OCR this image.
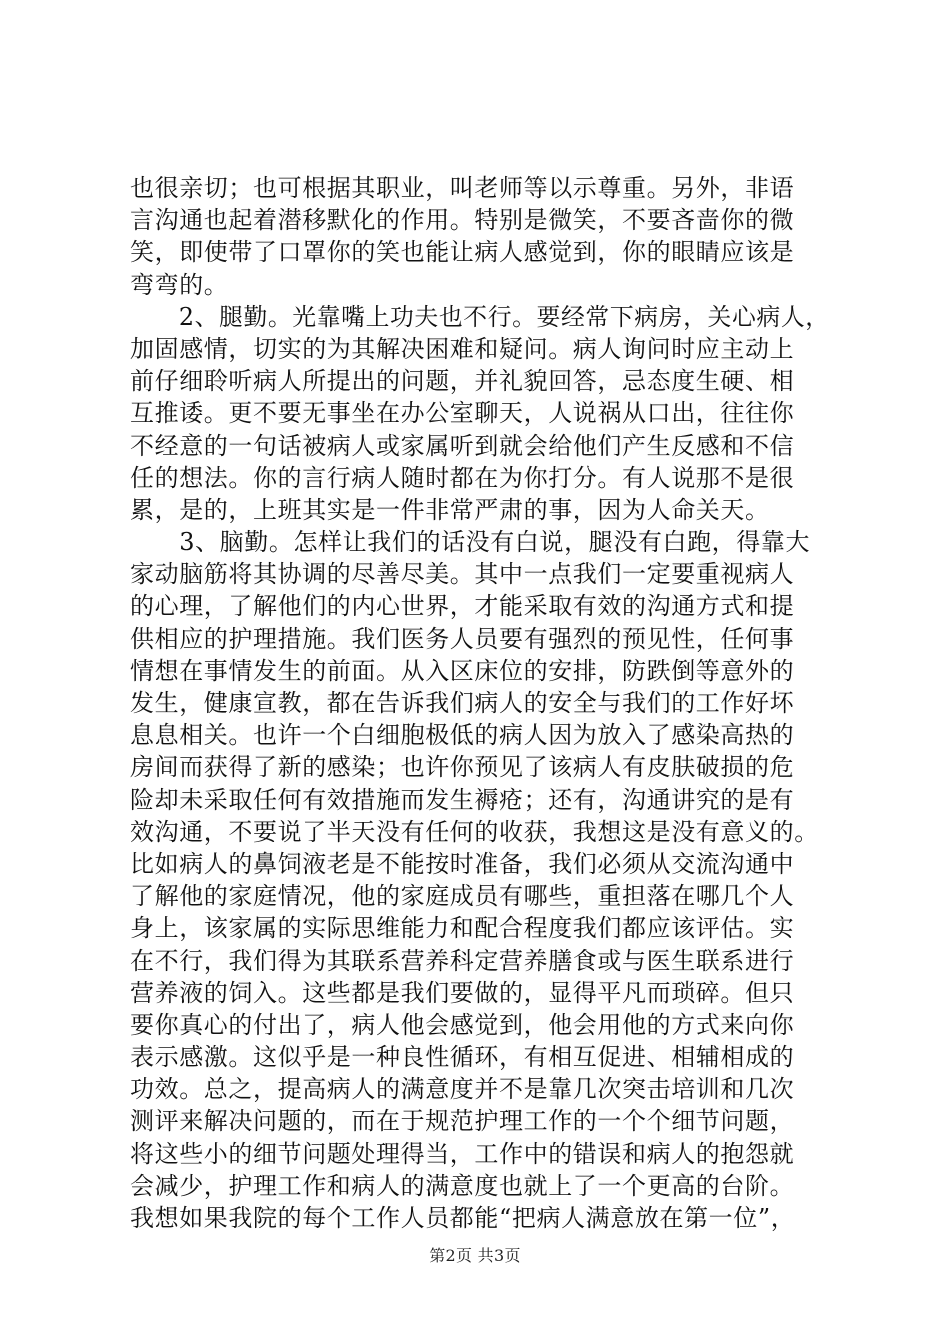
也很亲切；也可根据其职业，叫老师等以示尊重。另外，非语
言沟通也起着潜移默化的作用。特别是微笑，不要吝啬你的微
笑，即使带了口罩你的笑也能让病人感觉到，你的眼睛应该是
弯弯的。
　　2、腿勤。光靠嘴上功夫也不行。要经常下病房，关心病人，
加固感情，切实的为其解决困难和疑问。病人询问时应主动上
前仔细聆听病人所提出的问题，并礼貌回答，忌态度生硬、相
互推诿。更不要无事坐在办公室聊天，人说祸从口出，往往你
不经意的一句话被病人或家属听到就会给他们产生反感和不信
任的想法。你的言行病人随时都在为你打分。有人说那不是很
累，是的，上班其实是一件非常严肃的事，因为人命关天。
　　3、脑勤。怎样让我们的话没有白说，腿没有白跑，得靠大
家动脑筋将其协调的尽善尽美。其中一点我们一定要重视病人
的心理，了解他们的内心世界，才能采取有效的沟通方式和提
供相应的护理措施。我们医务人员要有强烈的预见性，任何事
情想在事情发生的前面。从入区床位的安排，防跌倒等意外的
发生，健康宣教，都在告诉我们病人的安全与我们的工作好坏
息息相关。也许一个白细胞极低的病人因为放入了感染高热的
房间而获得了新的感染；也许你预见了该病人有皮肤破损的危
险却未采取任何有效措施而发生褥疮；还有，沟通讲究的是有
效沟通，不要说了半天没有任何的收获，我想这是没有意义的。
比如病人的鼻饲液老是不能按时准备，我们必须从交流沟通中
了解他的家庭情况，他的家庭成员有哪些，重担落在哪几个人
身上，该家属的实际思维能力和配合程度我们都应该评估。实
在不行，我们得为其联系营养科定营养膳食或与医生联系进行
营养液的饲入。这些都是我们要做的，显得平凡而琐碎。但只
要你真心的付出了，病人他会感觉到，他会用他的方式来向你
表示感激。这似乎是一种良性循环，有相互促进、相辅相成的
功效。总之，提高病人的满意度并不是靠几次突击培训和几次
测评来解决问题的，而在于规范护理工作的一个个细节问题，
将这些小的细节问题处理得当，工作中的错误和病人的抱怨就
会减少，护理工作和病人的满意度也就上了一个更高的台阶。
我想如果我院的每个工作人员都能“把病人满意放在第一位”，
第2页 共3页
